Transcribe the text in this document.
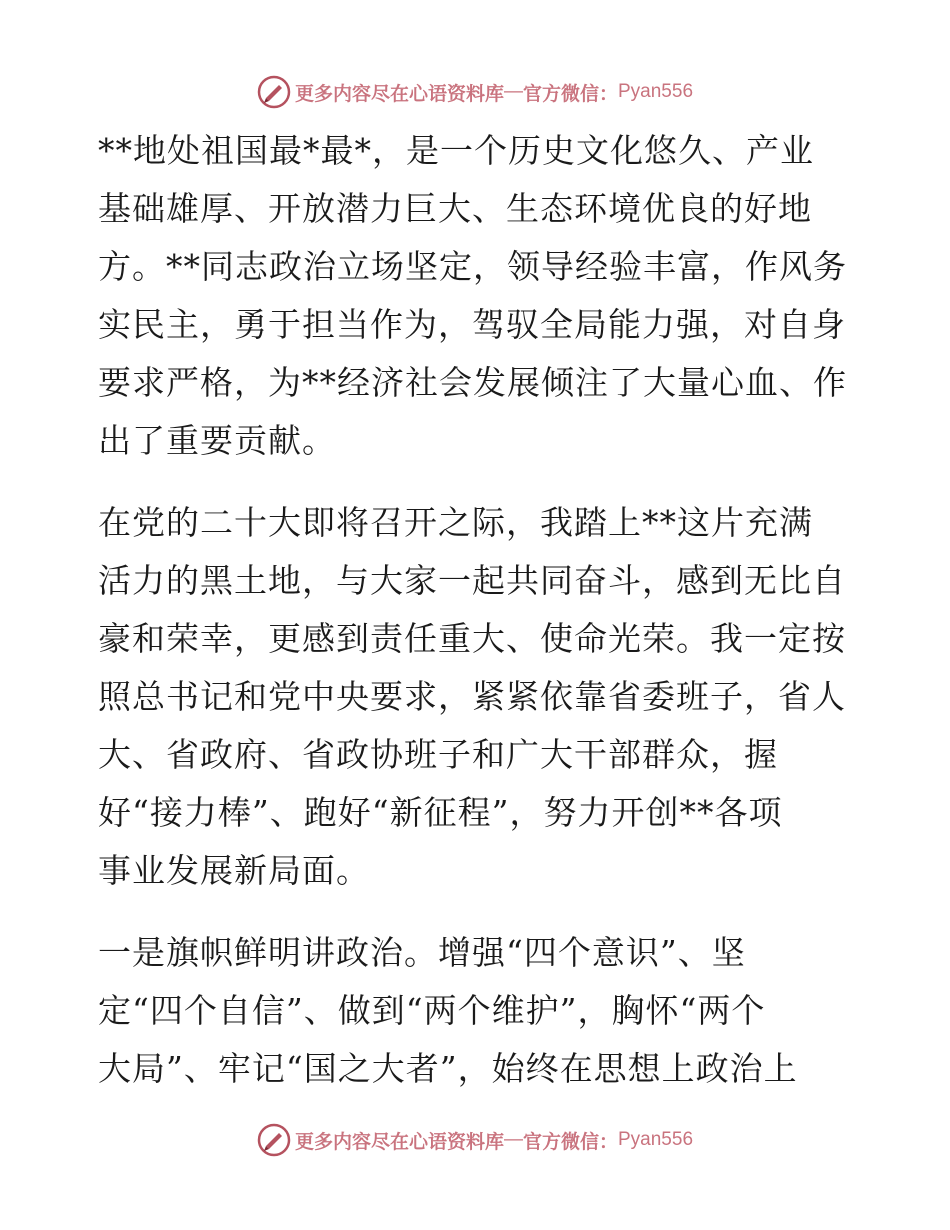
更多内容尽在心语资料库 — 官方微信： Pyan556
**地处祖国最*最*，是一个历史文化悠久、产业
基础雄厚、开放潜力巨大、生态环境优良的好地
方。**同志政治立场坚定，领导经验丰富，作风务
实民主，勇于担当作为，驾驭全局能力强，对自身
要求严格，为**经济社会发展倾注了大量心血、作
出了重要贡献。
在党的二十大即将召开之际，我踏上**这片充满
活力的黑土地，与大家一起共同奋斗，感到无比自
豪和荣幸，更感到责任重大、使命光荣。我一定按
照总书记和党中央要求，紧紧依靠省委班子，省人
大、省政府、省政协班子和广大干部群众，握
好“接力棒”、跑好“新征程”，努力开创**各项
事业发展新局面。
一是旗帜鲜明讲政治。增强“四个意识”、坚
定“四个自信”、做到“两个维护”，胸怀“两个
大局”、牢记“国之大者”，始终在思想上政治上
更多内容尽在心语资料库 — 官方微信： Pyan556
